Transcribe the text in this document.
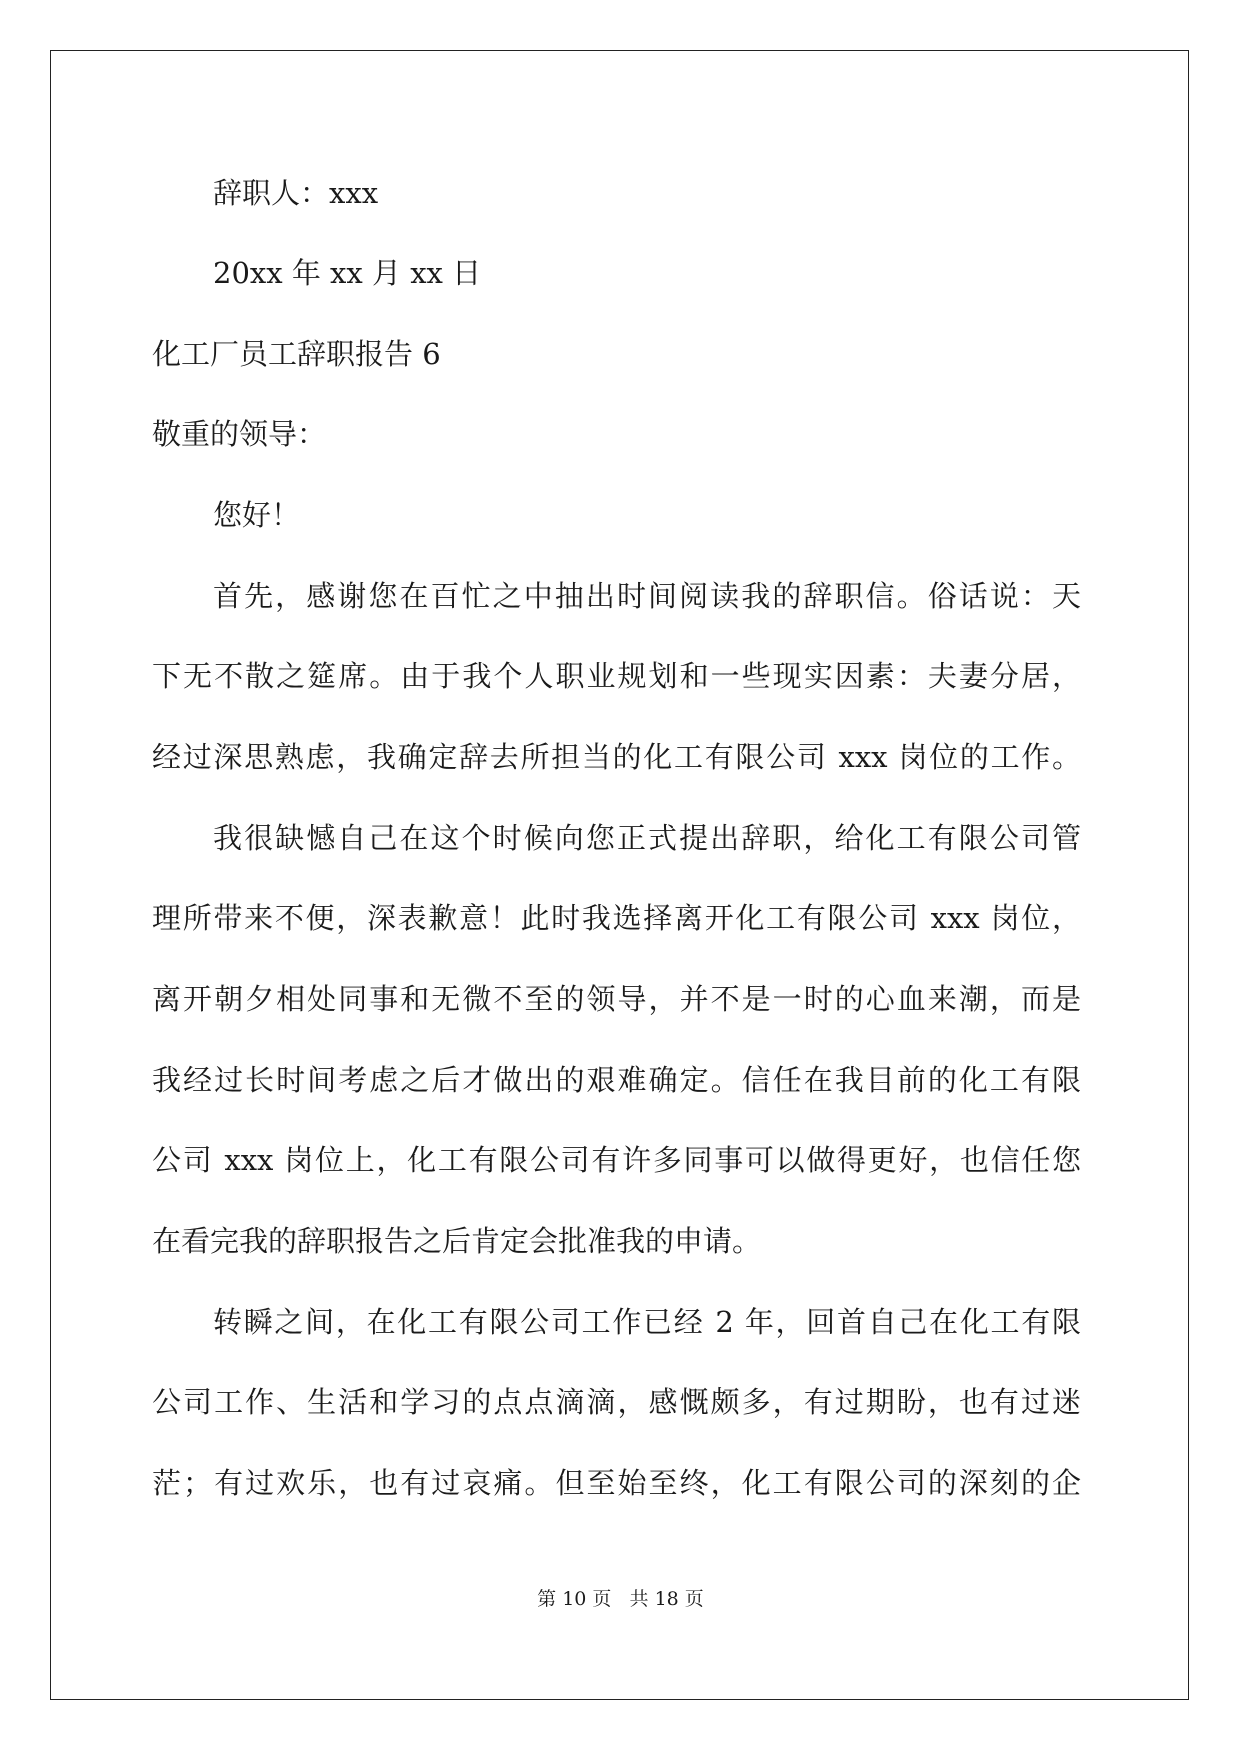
辞职人：xxx
20xx 年 xx 月 xx 日
化工厂员工辞职报告 6
敬重的领导：
您好！
首先，感谢您在百忙之中抽出时间阅读我的辞职信。俗话说：天
下无不散之筵席。由于我个人职业规划和一些现实因素：夫妻分居，
经过深思熟虑，我确定辞去所担当的化工有限公司 xxx 岗位的工作。
我很缺憾自己在这个时候向您正式提出辞职，给化工有限公司管
理所带来不便，深表歉意！此时我选择离开化工有限公司 xxx 岗位，
离开朝夕相处同事和无微不至的领导，并不是一时的心血来潮，而是
我经过长时间考虑之后才做出的艰难确定。信任在我目前的化工有限
公司 xxx 岗位上，化工有限公司有许多同事可以做得更好，也信任您
在看完我的辞职报告之后肯定会批准我的申请。
转瞬之间，在化工有限公司工作已经 2 年，回首自己在化工有限
公司工作、生活和学习的点点滴滴，感慨颇多，有过期盼，也有过迷
茫；有过欢乐，也有过哀痛。但至始至终，化工有限公司的深刻的企
第 10 页   共 18 页
